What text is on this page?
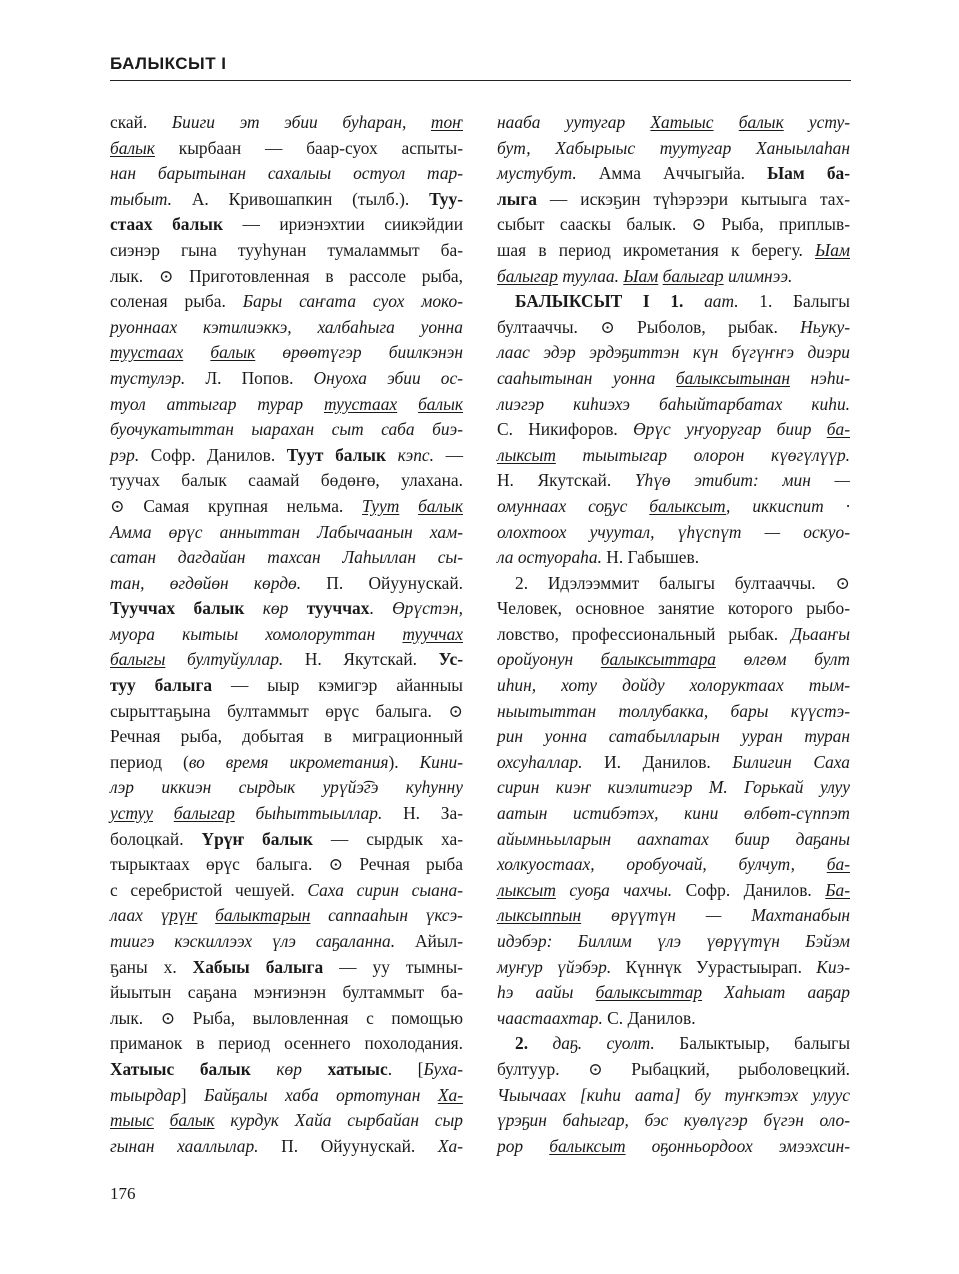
БАЛЫКСЫТ I
скай. Бииги эт эбии буһаран, тоҥ
балык кырбаан — баар-суох аспыты-
нан барытынан сахалыы остуол тар-
тыбыт. А. Кривошапкин (тылб.). Туу-
стаах балык — ириэнэхтии сиикэйдии
сиэнэр гына тууһунан тумаламмыт ба-
лык. ⊙ Приготовленная в рассоле рыба,
соленая рыба. Бары саҥата суох моко-
руоннаах кэтилиэккэ, халбаһыга уонна
туустаах балык өрөөтүгэр биилкэнэн
тустулэр. Л. Попов. Онуоха эбии ос-
туол аттыгар турар туустаах балык
буочукатыттан ыарахан сыт саба биэ-
рэр. Софр. Данилов. Туут балык кэпс. —
туучах балык саамай бөдөҥө, улахана.
⊙ Самая крупная нельма. Туут балык
Амма өрүс анныттан Лабычаанын хам-
сатан дагдайан тахсан Лаһыллан сы-
тан, өгдөйөн көрдө. П. Ойуунускай.
Тууччах балык көр тууччах. Өрүстэн,
муора кытыы хомолоруттан тууччах
балыгы бултуйуллар. Н. Якутскай. Ус-
туу балыга — ыыр кэмигэр айанныы
сырыттаҕына бултаммыт өрүс балыга. ⊙
Речная рыба, добытая в миграционный
период (во время икрометания). Кини-
лэр иккиэн сырдык урүйэ͡гэ куһунну
устуу балыгар быһыттыыллар. Н. За-
болоцкай. Үрүҥ балык — сырдык ха-
тырыктаах өрүс балыга. ⊙ Речная рыба
с серебристой чешуей. Саха сирин сыана-
лаах үрүҥ балыктарын саппааһын үксэ-
тиигэ кэскиллээх үлэ саҕаланна. Айыл-
ҕаны х. Хабыы балыга — уу тымны-
йыытын саҕана мэҥиэнэн бултаммыт ба-
лык. ⊙ Рыба, выловленная с помощью
приманок в период осеннего похолодания.
Хатыыс балык көр хатыыс. [Буха-
тыырдар] Байҕалы хаба ортотунан Ха-
тыыс балык курдук Хайа сырбайан сыр
гынан хааллылар. П. Ойуунускай. Ха-
нааба уутугар Хатыыс балык усту-
бут, Хабырыыс туутугар Ханыылаһан
мустубут. Амма Аччыгыйа. Ыам ба-
лыга — искэҕин түһэрээри кытыыга тах-
сыбыт сааскы балык. ⊙ Рыба, приплыв-
шая в период икрометания к берегу. Ыам
балыгар туулаа. Ыам балыгар илимнээ.
БАЛЫКСЫТ I 1. аат. 1. Балыгы
бултааччы. ⊙ Рыболов, рыбак. Ньуку-
лаас эдэр эрдэҕиттэн күн бүгүҥҥэ диэри
сааһытынан уонна балыксытынан нэһи-
лиэгэр киһиэхэ баһыйтарбатах киһи.
С. Никифоров. Өрүс уҥуоругар биир ба-
лыксыт тыытыгар олорон күөгүлүүр.
Н. Якутскай. Үһүө этибит: мин —
омуннаах соҕус балыксыт, иккиспит ·
олохтоох учуутал, үһүспүт — оскуо-
ла остуораһа. Н. Габышев.
2. Идэлээммит балыгы бултааччы. ⊙
Человек, основное занятие которого рыбо-
ловство, профессиональный рыбак. Дьааҥы
оройуонун балыксыттара өлгөм булт
иһин, хоту дойду холоруктаах тым-
ныытыттан толлубакка, бары күүстэ-
рин уонна сатабылларын ууран туран
охсуһаллар. И. Данилов. Билигин Саха
сирин киэҥ киэлитигэр М. Горькай улуу
аатын истибэтэх, кини өлбөт-сүппэт
айымньыларын аахпатах биир даҕаны
холкуостаах, оробуочай, булчут, ба-
лыксыт суоҕа чахчы. Софр. Данилов. Ба-
лыксыппын өрүүтүн — Махтанабын
идэбэр: Биллим үлэ үөрүүтүн Бэйэм
муҥур үйэбэр. Күннүк Уурастыырап. Киэ-
һэ аайы балыксыттар Хаһыат ааҕар
чаастаахтар. С. Данилов.
2. даҕ. суолт. Балыктыыр, балыгы
бултуур. ⊙ Рыбацкий, рыболовецкий.
Чыычаах [киһи аата] бу туҥкэтэх улуус
үрэҕин баһыгар, бэс куөлүгэр бүгэн оло-
рор балыксыт оҕонньордоох эмээхсин-
176
